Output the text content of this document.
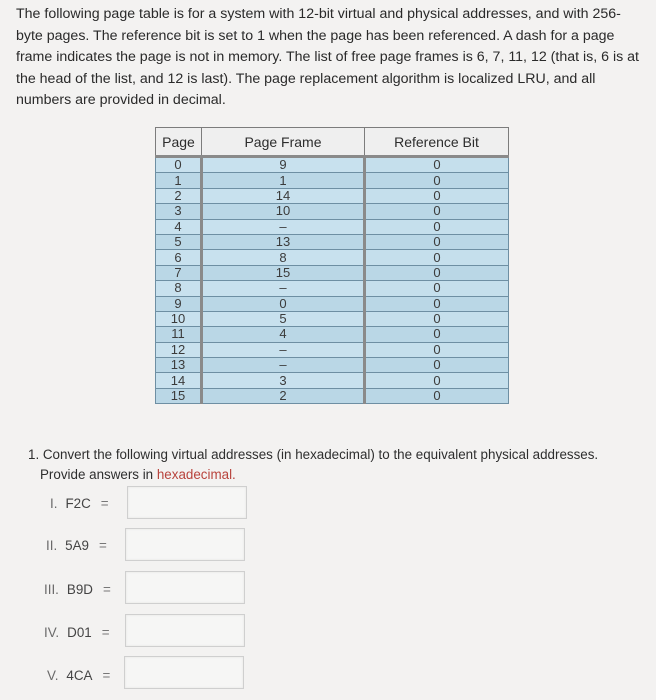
The following page table is for a system with 12-bit virtual and physical addresses, and with 256-byte pages. The reference bit is set to 1 when the page has been referenced. A dash for a page frame indicates the page is not in memory. The list of free page frames is 6, 7, 11, 12 (that is, 6 is at the head of the list, and 12 is last). The page replacement algorithm is localized LRU, and all numbers are provided in decimal.
Page	Page Frame	Reference Bit
0	9	0
1	1	0
2	14	0
3	10	0
4	–	0
5	13	0
6	8	0
7	15	0
8	–	0
9	0	0
10	5	0
11	4	0
12	–	0
13	–	0
14	3	0
15	2	0
1. Convert the following virtual addresses (in hexadecimal) to the equivalent physical addresses.
Provide answers in hexadecimal.
I. F2C =
II. 5A9 =
III. B9D =
IV. D01 =
V. 4CA =
